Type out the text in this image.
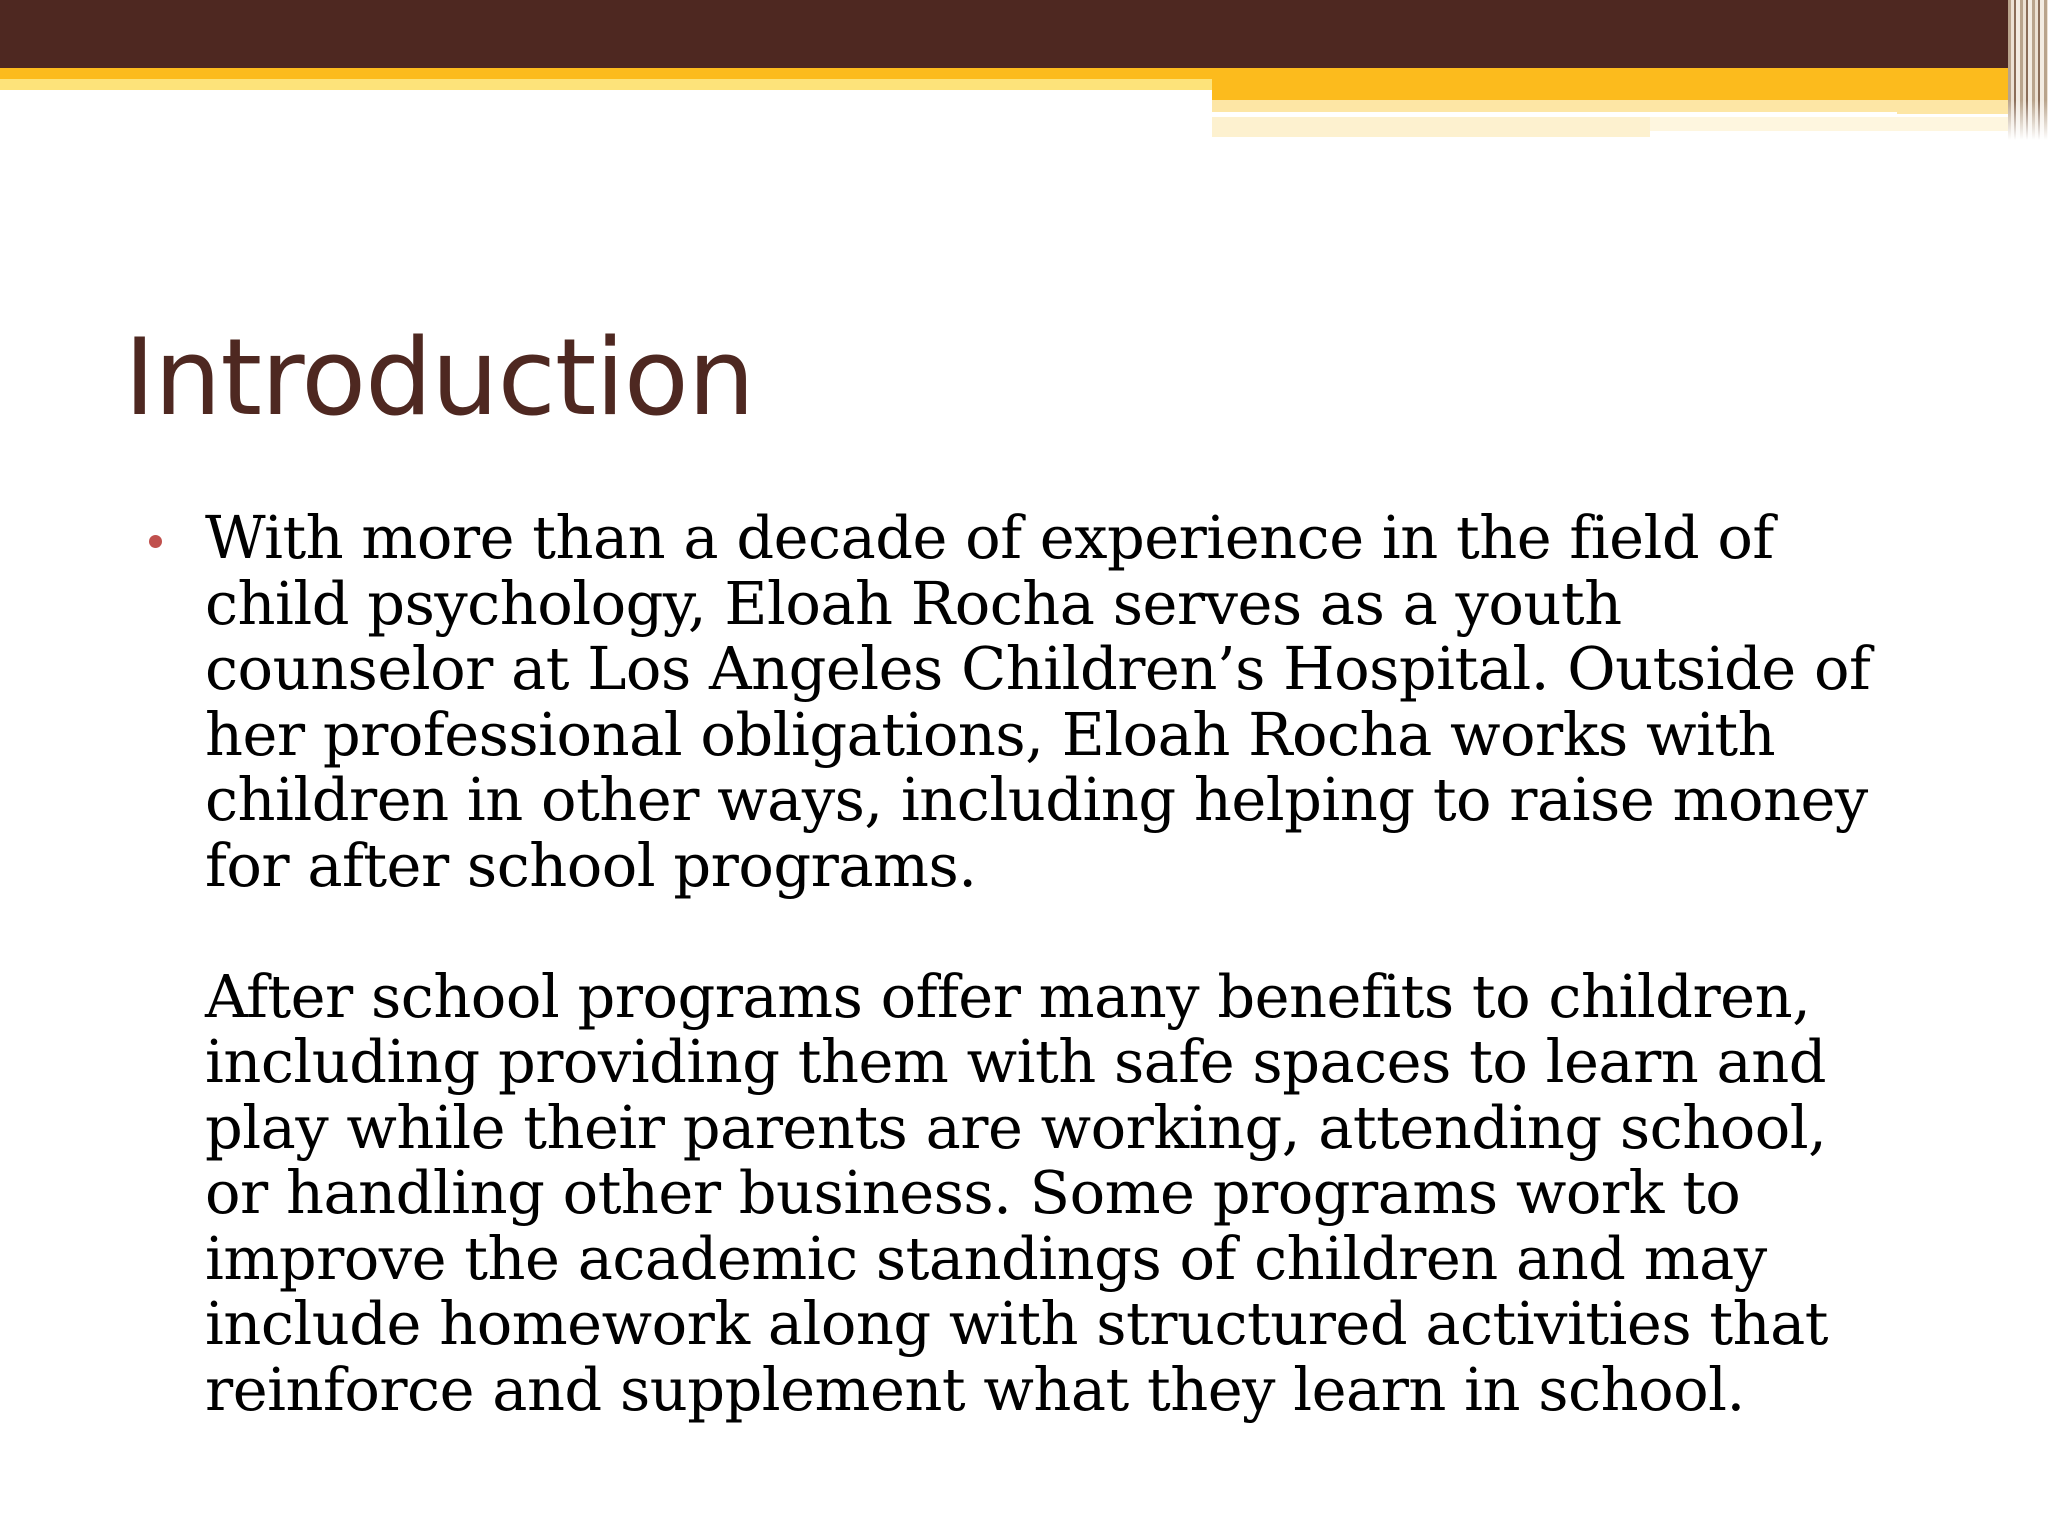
Introduction

With more than a decade of experience in the field of
child psychology, Eloah Rocha serves as a youth
counselor at Los Angeles Children’s Hospital. Outside of
her professional obligations, Eloah Rocha works with
children in other ways, including helping to raise money
for after school programs.

After school programs offer many benefits to children,
including providing them with safe spaces to learn and
play while their parents are working, attending school,
or handling other business. Some programs work to
improve the academic standings of children and may
include homework along with structured activities that
reinforce and supplement what they learn in school.
